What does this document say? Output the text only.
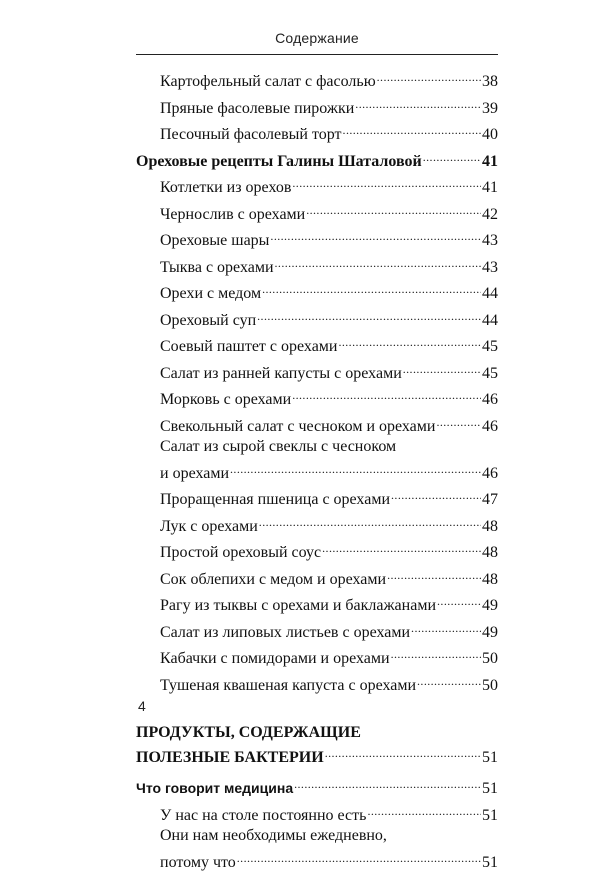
Содержание
Картофельный салат с фасолью .....	38
Пряные фасолевые пирожки .....	39
Песочный фасолевый торт .....	40
Ореховые рецепты Галины Шаталовой .....	41
Котлетки из орехов .....	41
Чернослив с орехами .....	42
Ореховые шары .....	43
Тыква с орехами .....	43
Орехи с медом .....	44
Ореховый суп .....	44
Соевый паштет с орехами .....	45
Салат из ранней капусты с орехами .....	45
Морковь с орехами .....	46
Свекольный салат с чесноком и орехами .....	46
Салат из сырой свеклы с чесноком
и орехами .....	46
Проращенная пшеница с орехами .....	47
Лук с орехами .....	48
Простой ореховый соус .....	48
Сок облепихи с медом и орехами .....	48
Рагу из тыквы с орехами и баклажанами .....	49
Салат из липовых листьев с орехами .....	49
Кабачки с помидорами и орехами .....	50
Тушеная квашеная капуста с орехами .....	50
ПРОДУКТЫ, СОДЕРЖАЩИЕ
ПОЛЕЗНЫЕ БАКТЕРИИ .....	51
Что говорит медицина .....	51
У нас на столе постоянно есть .....	51
Они нам необходимы ежедневно,
потому что .....	51
4
